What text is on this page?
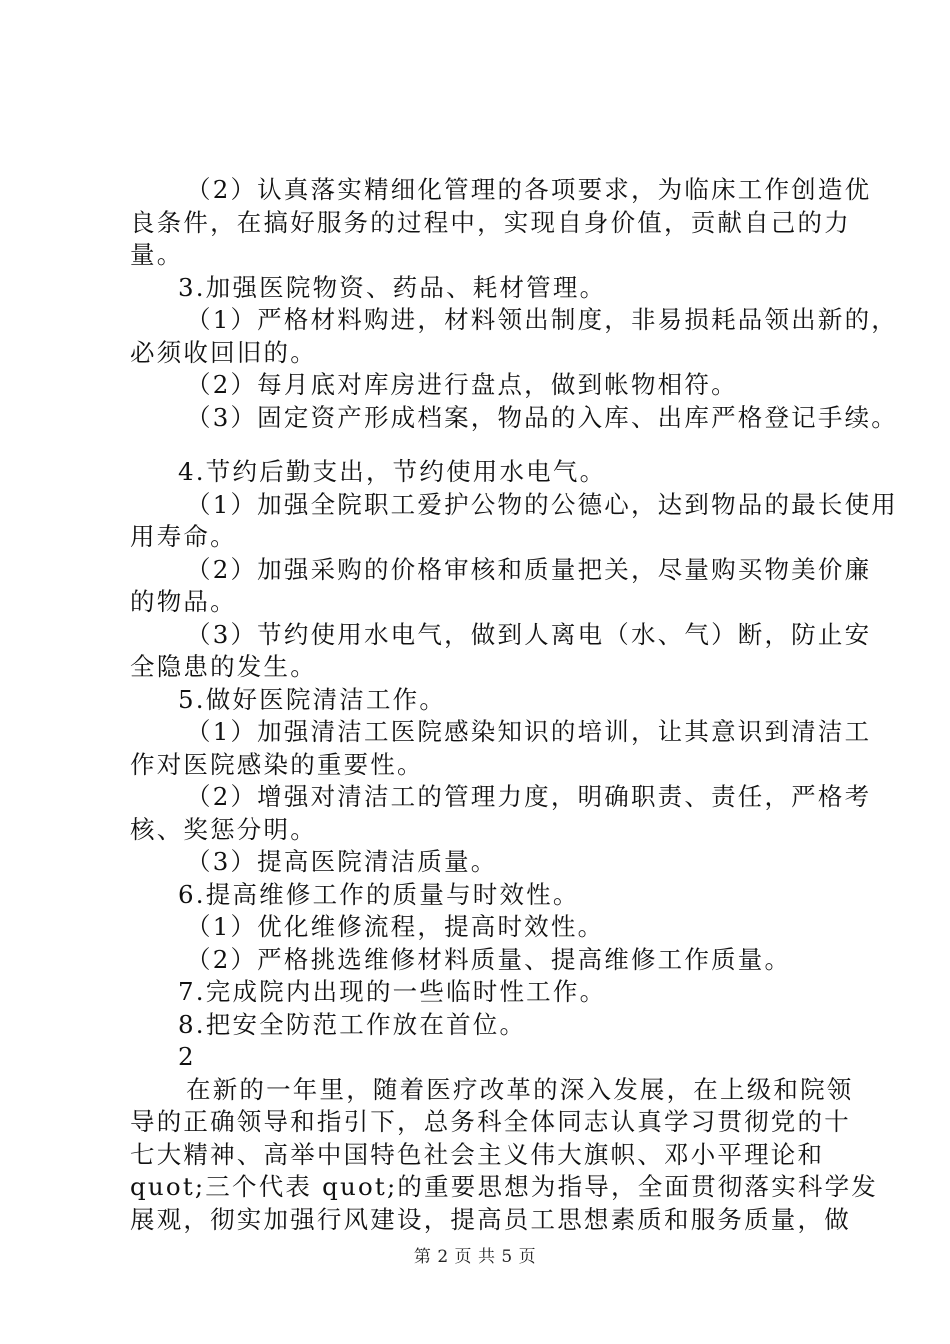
（2）认真落实精细化管理的各项要求，为临床工作创造优
良条件，在搞好服务的过程中，实现自身价值，贡献自己的力
量。
3.加强医院物资、药品、耗材管理。
（1）严格材料购进，材料领出制度，非易损耗品领出新的，
必须收回旧的。
（2）每月底对库房进行盘点，做到帐物相符。
（3）固定资产形成档案，物品的入库、出库严格登记手续。
4.节约后勤支出，节约使用水电气。
（1）加强全院职工爱护公物的公德心，达到物品的最长使用
用寿命。
（2）加强采购的价格审核和质量把关，尽量购买物美价廉
的物品。
（3）节约使用水电气，做到人离电（水、气）断，防止安
全隐患的发生。
5.做好医院清洁工作。
（1）加强清洁工医院感染知识的培训，让其意识到清洁工
作对医院感染的重要性。
（2）增强对清洁工的管理力度，明确职责、责任，严格考
核、奖惩分明。
（3）提高医院清洁质量。
6.提高维修工作的质量与时效性。
（1）优化维修流程，提高时效性。
（2）严格挑选维修材料质量、提高维修工作质量。
7.完成院内出现的一些临时性工作。
8.把安全防范工作放在首位。
2
在新的一年里，随着医疗改革的深入发展，在上级和院领
导的正确领导和指引下，总务科全体同志认真学习贯彻党的十
七大精神、高举中国特色社会主义伟大旗帜、邓小平理论和
quot;三个代表 quot;的重要思想为指导，全面贯彻落实科学发
展观，彻实加强行风建设，提高员工思想素质和服务质量，做
第 2 页 共 5 页
